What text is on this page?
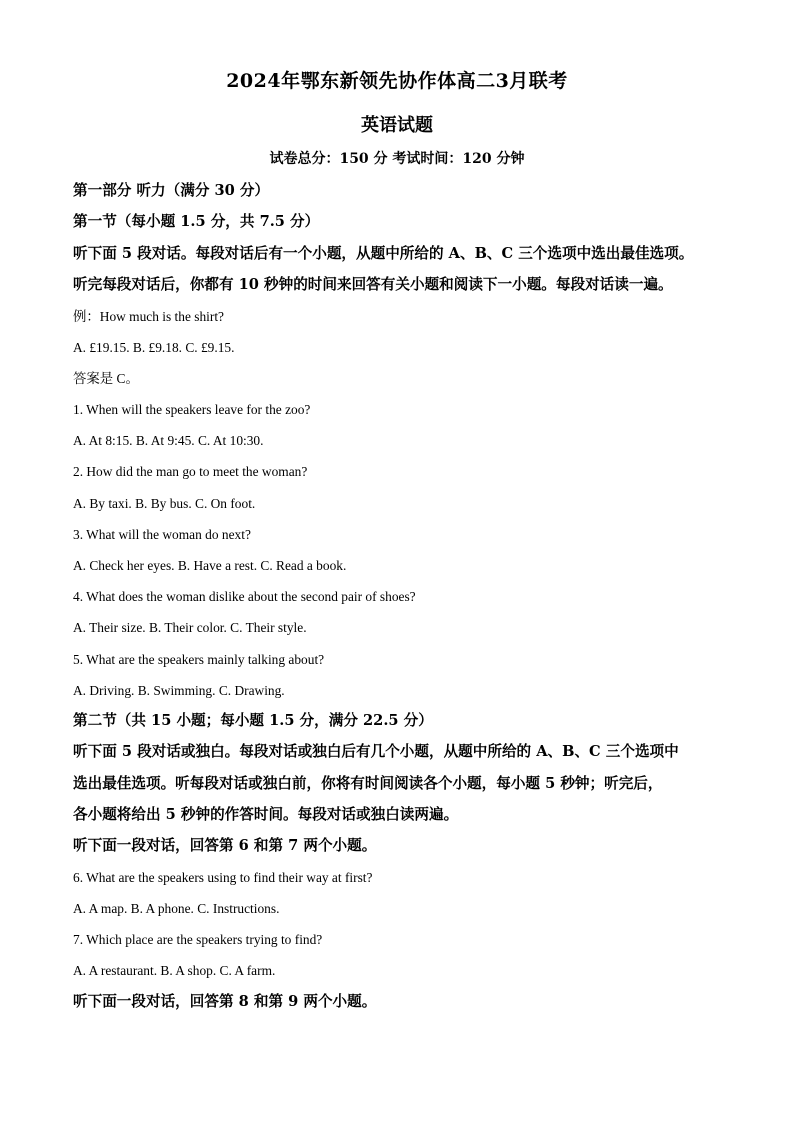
2024年鄂东新领先协作体高二3月联考
英语试题
试卷总分：150 分 考试时间：120 分钟
第一部分 听力（满分 30 分）
第一节（每小题 1.5 分，共 7.5 分）
听下面 5 段对话。每段对话后有一个小题，从题中所给的 A、B、C 三个选项中选出最佳选项。
听完每段对话后，你都有 10 秒钟的时间来回答有关小题和阅读下一小题。每段对话读一遍。
例：How much is the shirt?
A. £19.15. B. £9.18. C. £9.15.
答案是 C。
1. When will the speakers leave for the zoo?
A. At 8:15. B. At 9:45. C. At 10:30.
2. How did the man go to meet the woman?
A. By taxi. B. By bus. C. On foot.
3. What will the woman do next?
A. Check her eyes. B. Have a rest. C. Read a book.
4. What does the woman dislike about the second pair of shoes?
A. Their size. B. Their color. C. Their style.
5. What are the speakers mainly talking about?
A. Driving. B. Swimming. C. Drawing.
第二节（共 15 小题；每小题 1.5 分，满分 22.5 分）
听下面 5 段对话或独白。每段对话或独白后有几个小题，从题中所给的 A、B、C 三个选项中
选出最佳选项。听每段对话或独白前，你将有时间阅读各个小题，每小题 5 秒钟；听完后，
各小题将给出 5 秒钟的作答时间。每段对话或独白读两遍。
听下面一段对话，回答第 6 和第 7 两个小题。
6. What are the speakers using to find their way at first?
A. A map. B. A phone. C. Instructions.
7. Which place are the speakers trying to find?
A. A restaurant. B. A shop. C. A farm.
听下面一段对话，回答第 8 和第 9 两个小题。
